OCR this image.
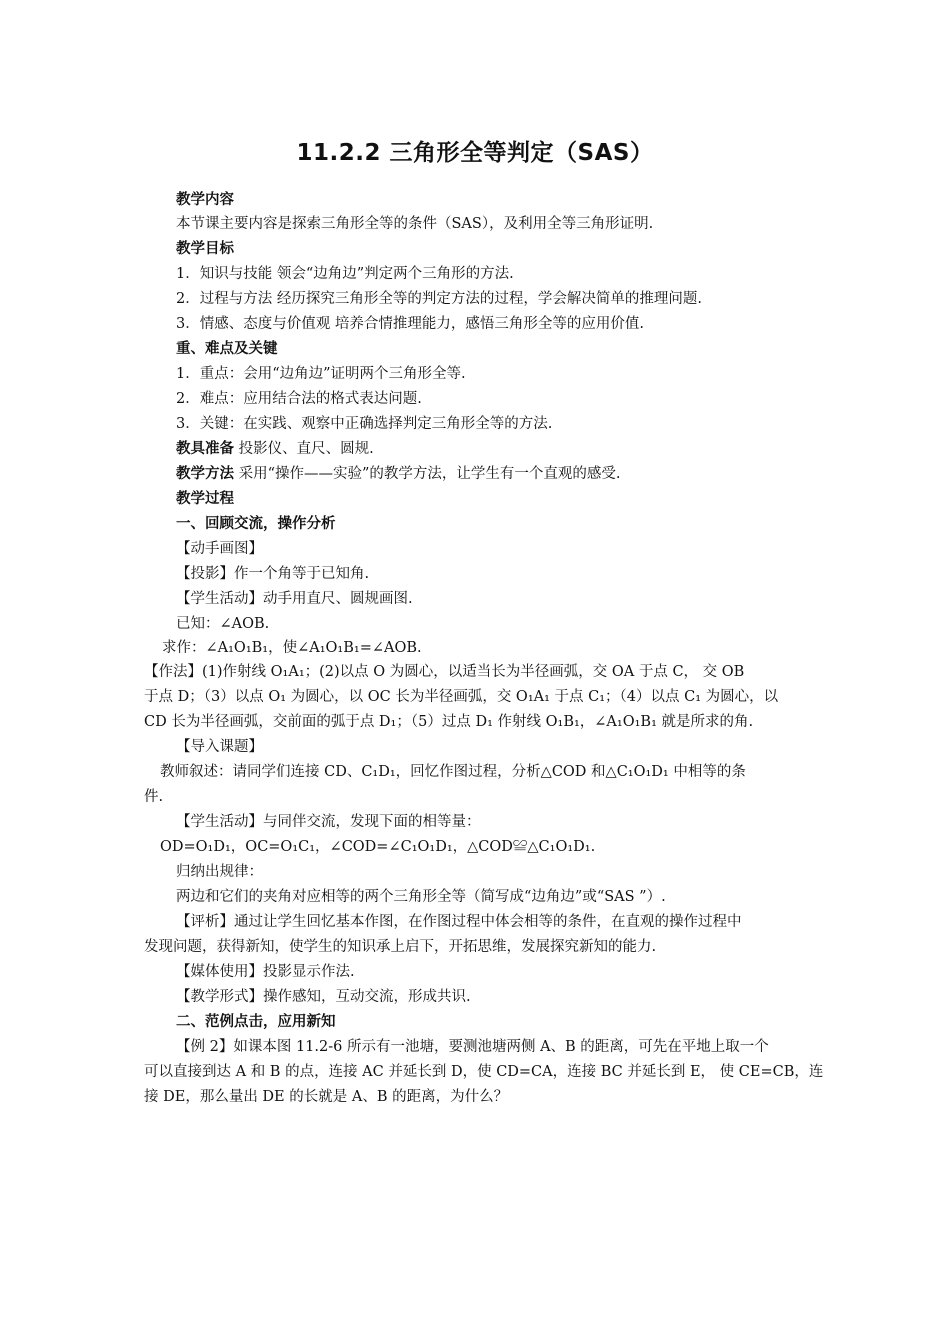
11.2.2 三角形全等判定（SAS）
教学内容
本节课主要内容是探索三角形全等的条件（SAS），及利用全等三角形证明.
教学目标
1．知识与技能 领会“边角边”判定两个三角形的方法.
2．过程与方法 经历探究三角形全等的判定方法的过程，学会解决简单的推理问题.
3．情感、态度与价值观 培养合情推理能力，感悟三角形全等的应用价值.
重、难点及关键
1．重点：会用“边角边”证明两个三角形全等.
2．难点：应用结合法的格式表达问题.
3．关键：在实践、观察中正确选择判定三角形全等的方法.
教具准备 投影仪、直尺、圆规.
教学方法 采用“操作——实验”的教学方法，让学生有一个直观的感受.
教学过程
一、回顾交流，操作分析
【动手画图】
【投影】作一个角等于已知角.
【学生活动】动手用直尺、圆规画图.
已知：∠AOB.
求作：∠A₁O₁B₁，使∠A₁O₁B₁=∠AOB.
【作法】(1)作射线 O₁A₁；(2)以点 O 为圆心，以适当长为半径画弧，交 OA 于点 C， 交 OB
于点 D；（3）以点 O₁ 为圆心，以 OC 长为半径画弧，交 O₁A₁ 于点 C₁；（4）以点 C₁ 为圆心，以
CD 长为半径画弧，交前面的弧于点 D₁；（5）过点 D₁ 作射线 O₁B₁，∠A₁O₁B₁ 就是所求的角.
【导入课题】
教师叙述：请同学们连接 CD、C₁D₁，回忆作图过程，分析△COD 和△C₁O₁D₁ 中相等的条
件.
【学生活动】与同伴交流，发现下面的相等量：
OD=O₁D₁，OC=O₁C₁，∠COD=∠C₁O₁D₁，△COD≌△C₁O₁D₁.
归纳出规律：
两边和它们的夹角对应相等的两个三角形全等（简写成“边角边”或“SAS ”）.
【评析】通过让学生回忆基本作图，在作图过程中体会相等的条件，在直观的操作过程中
发现问题，获得新知，使学生的知识承上启下，开拓思维，发展探究新知的能力.
【媒体使用】投影显示作法.
【教学形式】操作感知，互动交流，形成共识.
二、范例点击，应用新知
【例 2】如课本图 11.2-6 所示有一池塘，要测池塘两侧 A、B 的距离，可先在平地上取一个
可以直接到达 A 和 B 的点，连接 AC 并延长到 D，使 CD=CA，连接 BC 并延长到 E， 使 CE=CB，连
接 DE，那么量出 DE 的长就是 A、B 的距离，为什么？
